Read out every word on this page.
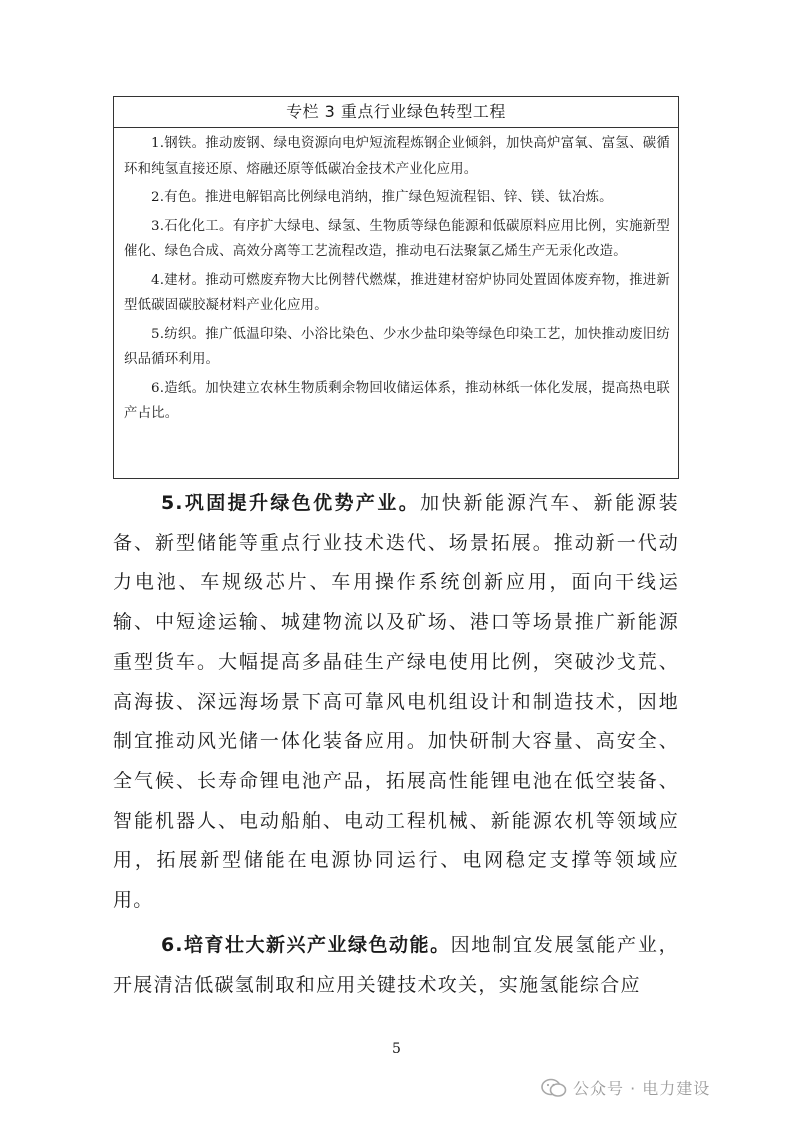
专栏 3 重点行业绿色转型工程

1.钢铁。推动废钢、绿电资源向电炉短流程炼钢企业倾斜，加快高炉富氧、富氢、碳循环和纯氢直接还原、熔融还原等低碳冶金技术产业化应用。

2.有色。推进电解铝高比例绿电消纳，推广绿色短流程铝、锌、镁、钛冶炼。

3.石化化工。有序扩大绿电、绿氢、生物质等绿色能源和低碳原料应用比例，实施新型催化、绿色合成、高效分离等工艺流程改造，推动电石法聚氯乙烯生产无汞化改造。

4.建材。推动可燃废弃物大比例替代燃煤，推进建材窑炉协同处置固体废弃物，推进新型低碳固碳胶凝材料产业化应用。

5.纺织。推广低温印染、小浴比染色、少水少盐印染等绿色印染工艺，加快推动废旧纺织品循环利用。

6.造纸。加快建立农林生物质剩余物回收储运体系，推动林纸一体化发展，提高热电联产占比。

5.巩固提升绿色优势产业。加快新能源汽车、新能源装备、新型储能等重点行业技术迭代、场景拓展。推动新一代动力电池、车规级芯片、车用操作系统创新应用，面向干线运输、中短途运输、城建物流以及矿场、港口等场景推广新能源重型货车。大幅提高多晶硅生产绿电使用比例，突破沙戈荒、高海拔、深远海场景下高可靠风电机组设计和制造技术，因地制宜推动风光储一体化装备应用。加快研制大容量、高安全、全气候、长寿命锂电池产品，拓展高性能锂电池在低空装备、智能机器人、电动船舶、电动工程机械、新能源农机等领域应用，拓展新型储能在电源协同运行、电网稳定支撑等领域应用。

6.培育壮大新兴产业绿色动能。因地制宜发展氢能产业，开展清洁低碳氢制取和应用关键技术攻关，实施氢能综合应

5
公众号 · 电力建设
